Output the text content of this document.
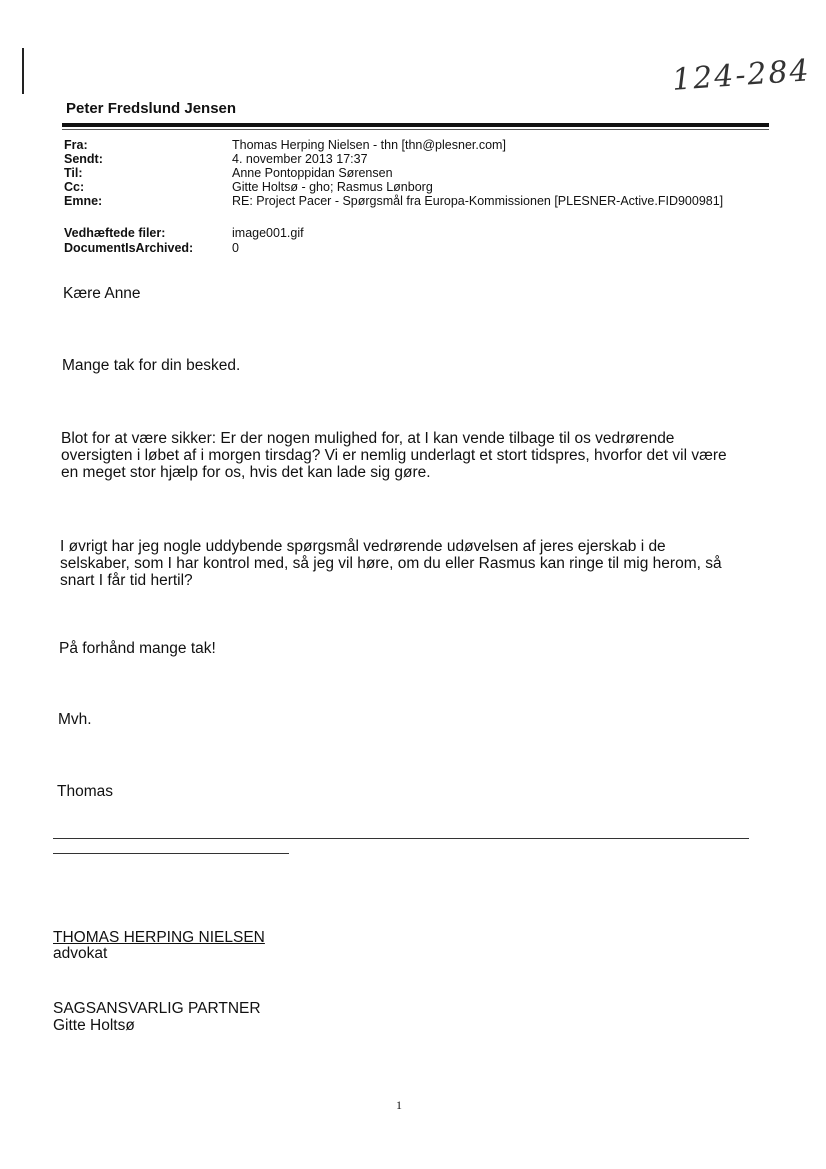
124-284
Peter Fredslund Jensen
Fra:	Thomas Herping Nielsen - thn [thn@plesner.com]
Sendt:	4. november 2013 17:37
Til:	Anne Pontoppidan Sørensen
Cc:	Gitte Holtsø - gho; Rasmus Lønborg
Emne:	RE: Project Pacer - Spørgsmål fra Europa-Kommissionen [PLESNER-Active.FID900981]
Vedhæftede filer:	image001.gif
DocumentIsArchived:	0
Kære Anne
Mange tak for din besked.
Blot for at være sikker: Er der nogen mulighed for, at I kan vende tilbage til os vedrørende
oversigten i løbet af i morgen tirsdag? Vi er nemlig underlagt et stort tidspres, hvorfor det vil være
en meget stor hjælp for os, hvis det kan lade sig gøre.
I øvrigt har jeg nogle uddybende spørgsmål vedrørende udøvelsen af jeres ejerskab i de
selskaber, som I har kontrol med, så jeg vil høre, om du eller Rasmus kan ringe til mig herom, så
snart I får tid hertil?
På forhånd mange tak!
Mvh.
Thomas
THOMAS HERPING NIELSEN
advokat
SAGSANSVARLIG PARTNER
Gitte Holtsø
1
